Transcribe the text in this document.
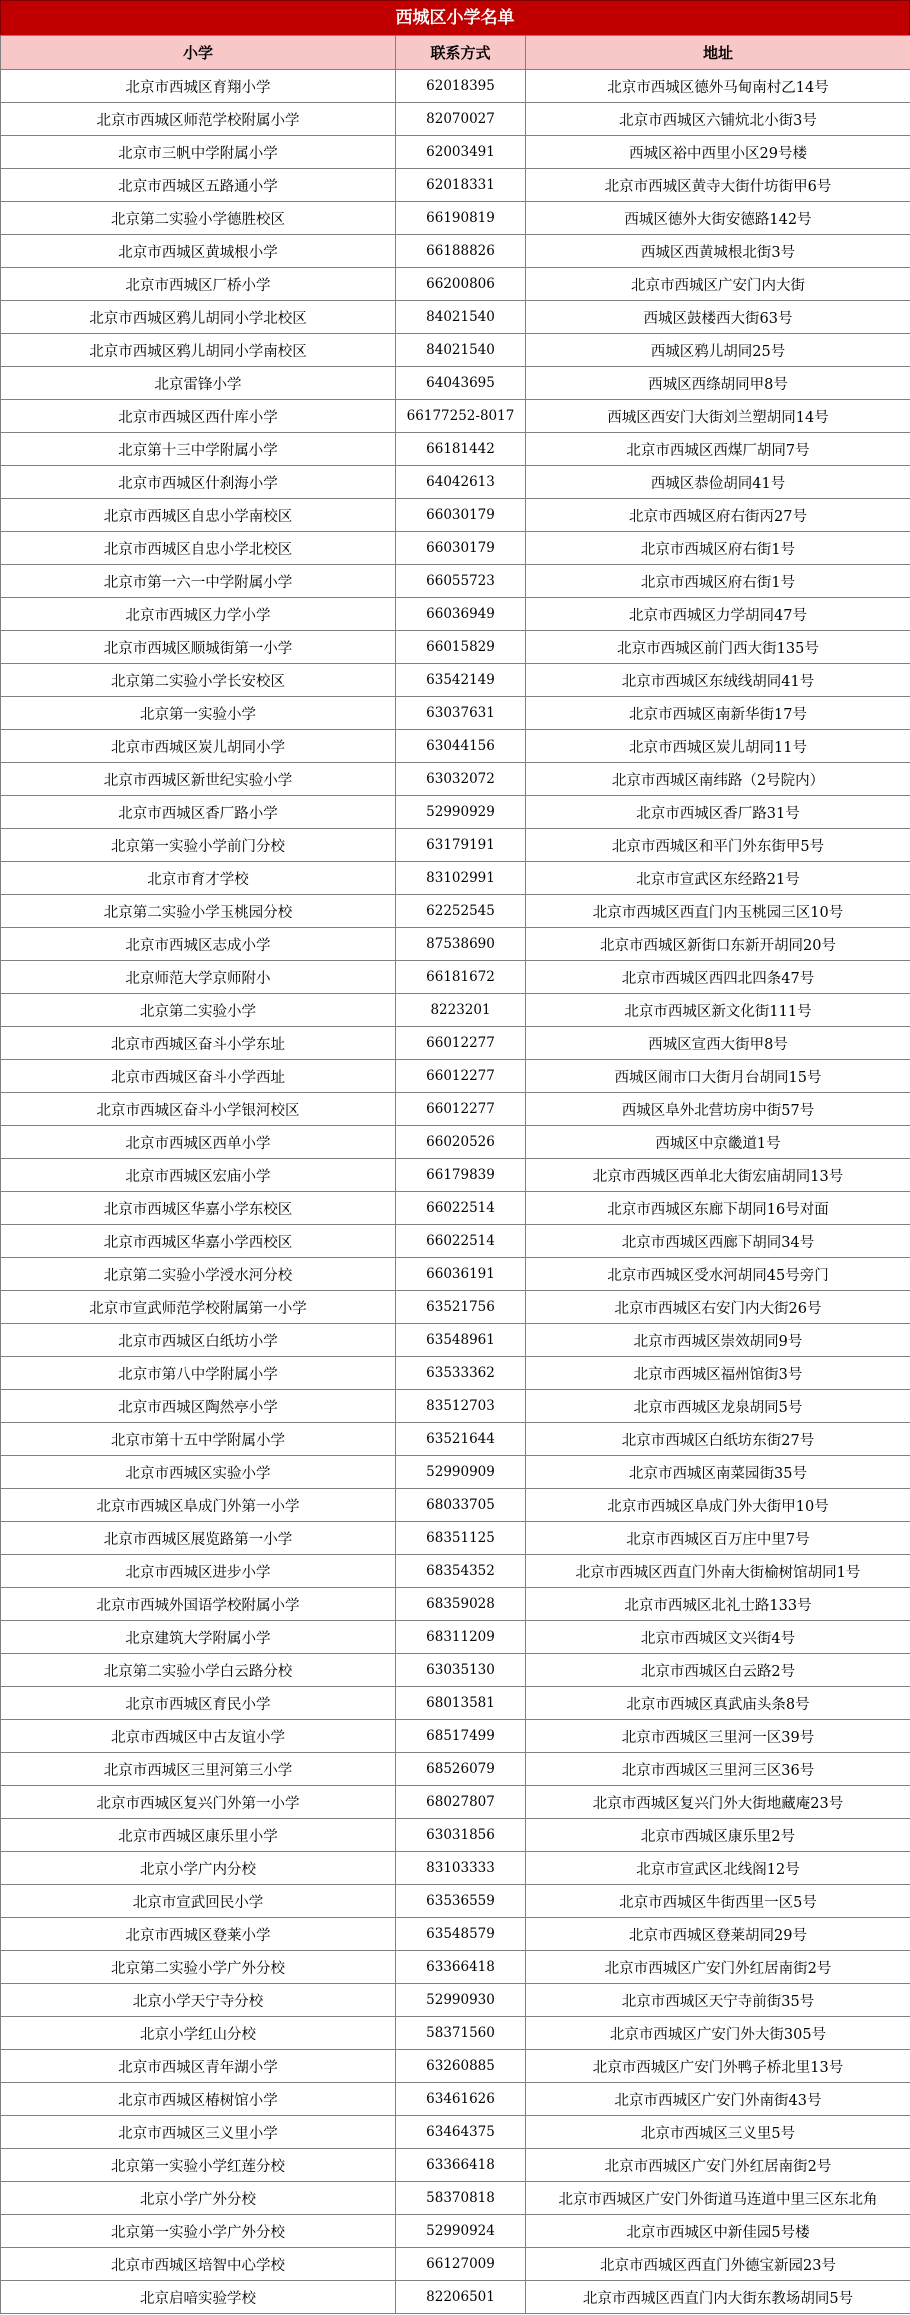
西城区小学名单
小学	联系方式	地址
北京市西城区育翔小学	62018395	北京市西城区德外马甸南村乙14号
北京市西城区师范学校附属小学	82070027	北京市西城区六铺炕北小街3号
北京市三帆中学附属小学	62003491	西城区裕中西里小区29号楼
北京市西城区五路通小学	62018331	北京市西城区黄寺大街什坊街甲6号
北京第二实验小学德胜校区	66190819	西城区德外大街安德路142号
北京市西城区黄城根小学	66188826	西城区西黄城根北街3号
北京市西城区厂桥小学	66200806	北京市西城区广安门内大街
北京市西城区鸦儿胡同小学北校区	84021540	西城区鼓楼西大街63号
北京市西城区鸦儿胡同小学南校区	84021540	西城区鸦儿胡同25号
北京雷锋小学	64043695	西城区西绦胡同甲8号
北京市西城区西什库小学	66177252-8017	西城区西安门大街刘兰塑胡同14号
北京第十三中学附属小学	66181442	北京市西城区西煤厂胡同7号
北京市西城区什刹海小学	64042613	西城区恭俭胡同41号
北京市西城区自忠小学南校区	66030179	北京市西城区府右街丙27号
北京市西城区自忠小学北校区	66030179	北京市西城区府右街1号
北京市第一六一中学附属小学	66055723	北京市西城区府右街1号
北京市西城区力学小学	66036949	北京市西城区力学胡同47号
北京市西城区顺城街第一小学	66015829	北京市西城区前门西大街135号
北京第二实验小学长安校区	63542149	北京市西城区东绒线胡同41号
北京第一实验小学	63037631	北京市西城区南新华街17号
北京市西城区炭儿胡同小学	63044156	北京市西城区炭儿胡同11号
北京市西城区新世纪实验小学	63032072	北京市西城区南纬路（2号院内）
北京市西城区香厂路小学	52990929	北京市西城区香厂路31号
北京第一实验小学前门分校	63179191	北京市西城区和平门外东街甲5号
北京市育才学校	83102991	北京市宣武区东经路21号
北京第二实验小学玉桃园分校	62252545	北京市西城区西直门内玉桃园三区10号
北京市西城区志成小学	87538690	北京市西城区新街口东新开胡同20号
北京师范大学京师附小	66181672	北京市西城区西四北四条47号
北京第二实验小学	8223201	北京市西城区新文化街111号
北京市西城区奋斗小学东址	66012277	西城区宣西大街甲8号
北京市西城区奋斗小学西址	66012277	西城区闹市口大街月台胡同15号
北京市西城区奋斗小学银河校区	66012277	西城区阜外北营坊房中街57号
北京市西城区西单小学	66020526	西城区中京畿道1号
北京市西城区宏庙小学	66179839	北京市西城区西单北大街宏庙胡同13号
北京市西城区华嘉小学东校区	66022514	北京市西城区东廊下胡同16号对面
北京市西城区华嘉小学西校区	66022514	北京市西城区西廊下胡同34号
北京第二实验小学涭水河分校	66036191	北京市西城区受水河胡同45号旁门
北京市宣武师范学校附属第一小学	63521756	北京市西城区右安门内大街26号
北京市西城区白纸坊小学	63548961	北京市西城区崇效胡同9号
北京市第八中学附属小学	63533362	北京市西城区福州馆街3号
北京市西城区陶然亭小学	83512703	北京市西城区龙泉胡同5号
北京市第十五中学附属小学	63521644	北京市西城区白纸坊东街27号
北京市西城区实验小学	52990909	北京市西城区南菜园街35号
北京市西城区阜成门外第一小学	68033705	北京市西城区阜成门外大街甲10号
北京市西城区展览路第一小学	68351125	北京市西城区百万庄中里7号
北京市西城区进步小学	68354352	北京市西城区西直门外南大街榆树馆胡同1号
北京市西城外国语学校附属小学	68359028	北京市西城区北礼士路133号
北京建筑大学附属小学	68311209	北京市西城区文兴街4号
北京第二实验小学白云路分校	63035130	北京市西城区白云路2号
北京市西城区育民小学	68013581	北京市西城区真武庙头条8号
北京市西城区中古友谊小学	68517499	北京市西城区三里河一区39号
北京市西城区三里河第三小学	68526079	北京市西城区三里河三区36号
北京市西城区复兴门外第一小学	68027807	北京市西城区复兴门外大街地藏庵23号
北京市西城区康乐里小学	63031856	北京市西城区康乐里2号
北京小学广内分校	83103333	北京市宣武区北线阁12号
北京市宣武回民小学	63536559	北京市西城区牛街西里一区5号
北京市西城区登莱小学	63548579	北京市西城区登莱胡同29号
北京第二实验小学广外分校	63366418	北京市西城区广安门外红居南街2号
北京小学天宁寺分校	52990930	北京市西城区天宁寺前街35号
北京小学红山分校	58371560	北京市西城区广安门外大街305号
北京市西城区青年湖小学	63260885	北京市西城区广安门外鸭子桥北里13号
北京市西城区椿树馆小学	63461626	北京市西城区广安门外南街43号
北京市西城区三义里小学	63464375	北京市西城区三义里5号
北京第一实验小学红莲分校	63366418	北京市西城区广安门外红居南街2号
北京小学广外分校	58370818	北京市西城区广安门外街道马连道中里三区东北角
北京第一实验小学广外分校	52990924	北京市西城区中新佳园5号楼
北京市西城区培智中心学校	66127009	北京市西城区西直门外德宝新园23号
北京启喑实验学校	82206501	北京市西城区西直门内大街东教场胡同5号
